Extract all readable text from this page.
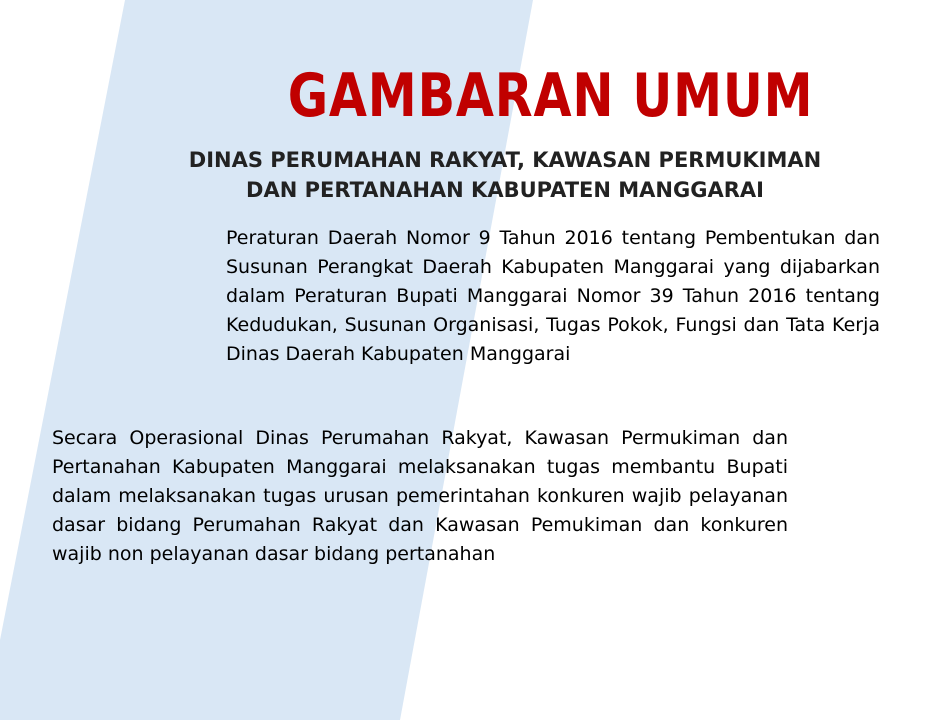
GAMBARAN UMUM
DINAS PERUMAHAN RAKYAT, KAWASAN PERMUKIMAN
DAN PERTANAHAN KABUPATEN MANGGARAI

Peraturan Daerah Nomor 9 Tahun 2016 tentang Pembentukan dan Susunan Perangkat Daerah Kabupaten Manggarai yang dijabarkan dalam Peraturan Bupati Manggarai Nomor 39 Tahun 2016 tentang Kedudukan, Susunan Organisasi, Tugas Pokok, Fungsi dan Tata Kerja Dinas Daerah Kabupaten Manggarai

Secara Operasional Dinas Perumahan Rakyat, Kawasan Permukiman dan Pertanahan Kabupaten Manggarai melaksanakan tugas membantu Bupati dalam melaksanakan tugas urusan pemerintahan konkuren wajib pelayanan dasar bidang Perumahan Rakyat dan Kawasan Pemukiman dan konkuren wajib non pelayanan dasar bidang pertanahan
